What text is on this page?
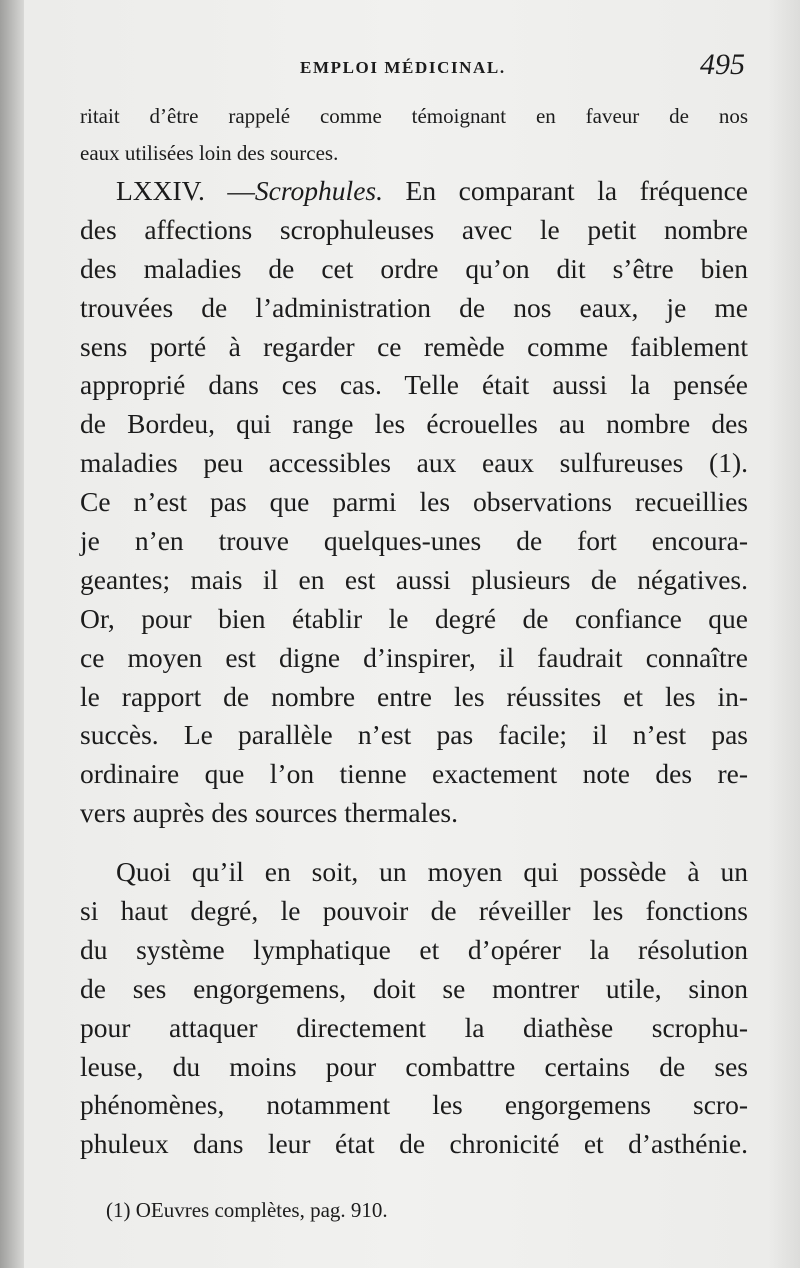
EMPLOI MÉDICINAL.	495
ritait d’être rappelé comme témoignant en faveur de nos
eaux utilisées loin des sources.
LXXIV. —Scrophules. En comparant la fréquence
des affections scrophuleuses avec le petit nombre
des maladies de cet ordre qu’on dit s’être bien
trouvées de l’administration de nos eaux, je me
sens porté à regarder ce remède comme faiblement
approprié dans ces cas. Telle était aussi la pensée
de Bordeu, qui range les écrouelles au nombre des
maladies peu accessibles aux eaux sulfureuses (1).
Ce n’est pas que parmi les observations recueillies
je n’en trouve quelques-unes de fort encoura-
geantes; mais il en est aussi plusieurs de négatives.
Or, pour bien établir le degré de confiance que
ce moyen est digne d’inspirer, il faudrait connaître
le rapport de nombre entre les réussites et les in-
succès. Le parallèle n’est pas facile; il n’est pas
ordinaire que l’on tienne exactement note des re-
vers auprès des sources thermales.
Quoi qu’il en soit, un moyen qui possède à un
si haut degré, le pouvoir de réveiller les fonctions
du système lymphatique et d’opérer la résolution
de ses engorgemens, doit se montrer utile, sinon
pour attaquer directement la diathèse scrophu-
leuse, du moins pour combattre certains de ses
phénomènes, notamment les engorgemens scro-
phuleux dans leur état de chronicité et d’asthénie.
(1) OEuvres complètes, pag. 910.
